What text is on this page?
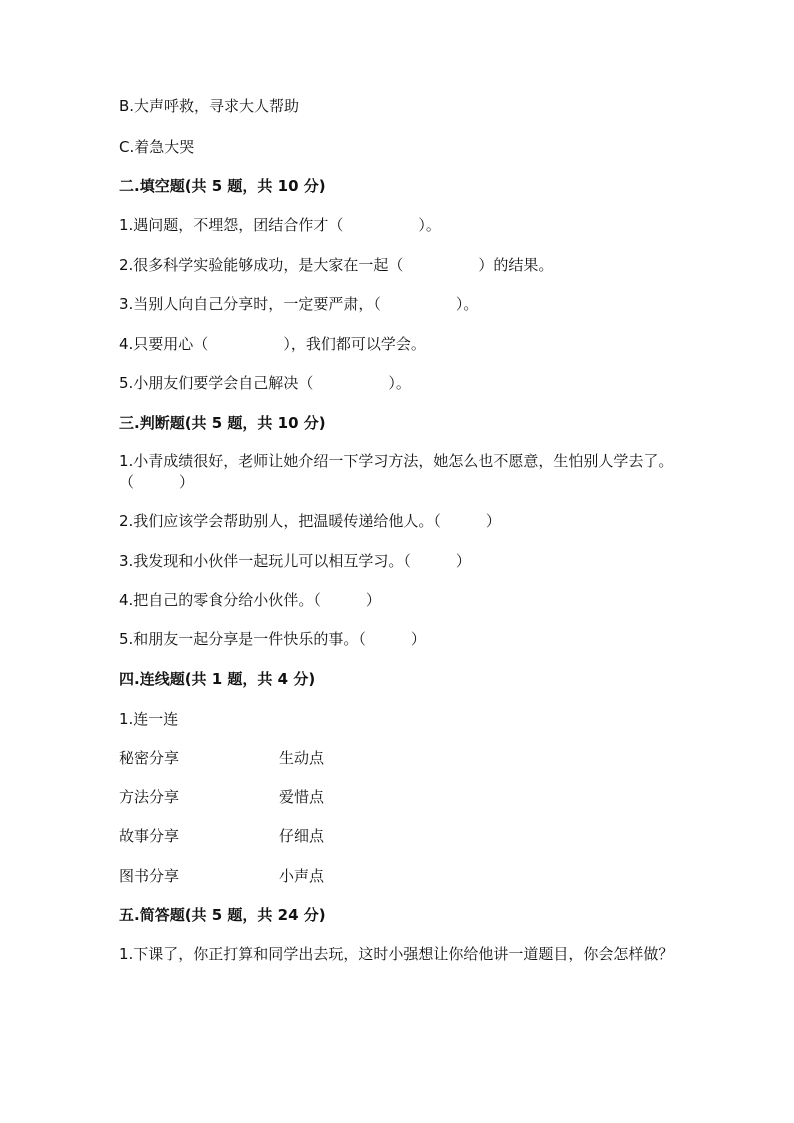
B.大声呼救，寻求大人帮助
C.着急大哭
二.填空题(共 5 题，共 10 分)
1.遇问题，不埋怨，团结合作才（　　　　　）。
2.很多科学实验能够成功，是大家在一起（　　　　　）的结果。
3.当别人向自己分享时，一定要严肃，（　　　　　）。
4.只要用心（　　　　　），我们都可以学会。
5.小朋友们要学会自己解决（　　　　　）。
三.判断题(共 5 题，共 10 分)
1.小青成绩很好，老师让她介绍一下学习方法，她怎么也不愿意，生怕别人学去了。（　　　）
2.我们应该学会帮助别人，把温暖传递给他人。（　　　）
3.我发现和小伙伴一起玩儿可以相互学习。（　　　）
4.把自己的零食分给小伙伴。（　　　）
5.和朋友一起分享是一件快乐的事。（　　　）
四.连线题(共 1 题，共 4 分)
1.连一连
秘密分享	生动点
方法分享	爱惜点
故事分享	仔细点
图书分享	小声点
五.简答题(共 5 题，共 24 分)
1.下课了，你正打算和同学出去玩，这时小强想让你给他讲一道题目，你会怎样做？
